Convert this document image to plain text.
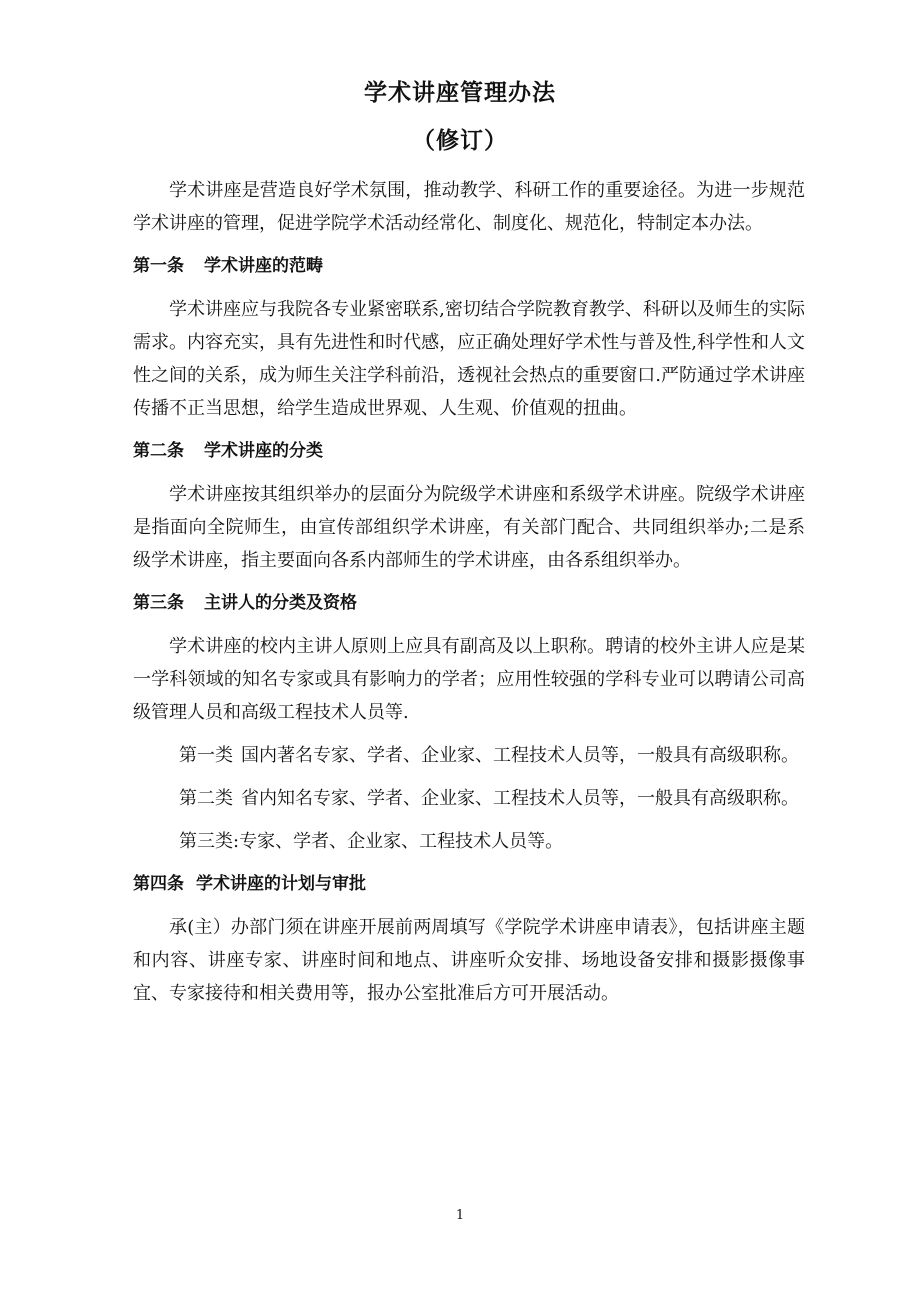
学术讲座管理办法
（修订）

学术讲座是营造良好学术氛围，推动教学、科研工作的重要途径。为进一步规范学术讲座的管理，促进学院学术活动经常化、制度化、规范化，特制定本办法。

第一条 学术讲座的范畴

学术讲座应与我院各专业紧密联系,密切结合学院教育教学、科研以及师生的实际需求。内容充实，具有先进性和时代感，应正确处理好学术性与普及性,科学性和人文性之间的关系，成为师生关注学科前沿，透视社会热点的重要窗口.严防通过学术讲座传播不正当思想，给学生造成世界观、人生观、价值观的扭曲。

第二条 学术讲座的分类

学术讲座按其组织举办的层面分为院级学术讲座和系级学术讲座。院级学术讲座是指面向全院师生，由宣传部组织学术讲座，有关部门配合、共同组织举办;二是系级学术讲座，指主要面向各系内部师生的学术讲座，由各系组织举办。

第三条 主讲人的分类及资格

学术讲座的校内主讲人原则上应具有副高及以上职称。聘请的校外主讲人应是某一学科领域的知名专家或具有影响力的学者；应用性较强的学科专业可以聘请公司高级管理人员和高级工程技术人员等.

第一类 国内著名专家、学者、企业家、工程技术人员等，一般具有高级职称。
第二类 省内知名专家、学者、企业家、工程技术人员等，一般具有高级职称。
第三类:专家、学者、企业家、工程技术人员等。
第四条 学术讲座的计划与审批

承(主）办部门须在讲座开展前两周填写《学院学术讲座申请表》，包括讲座主题和内容、讲座专家、讲座时间和地点、讲座听众安排、场地设备安排和摄影摄像事宜、专家接待和相关费用等，报办公室批准后方可开展活动。

1
